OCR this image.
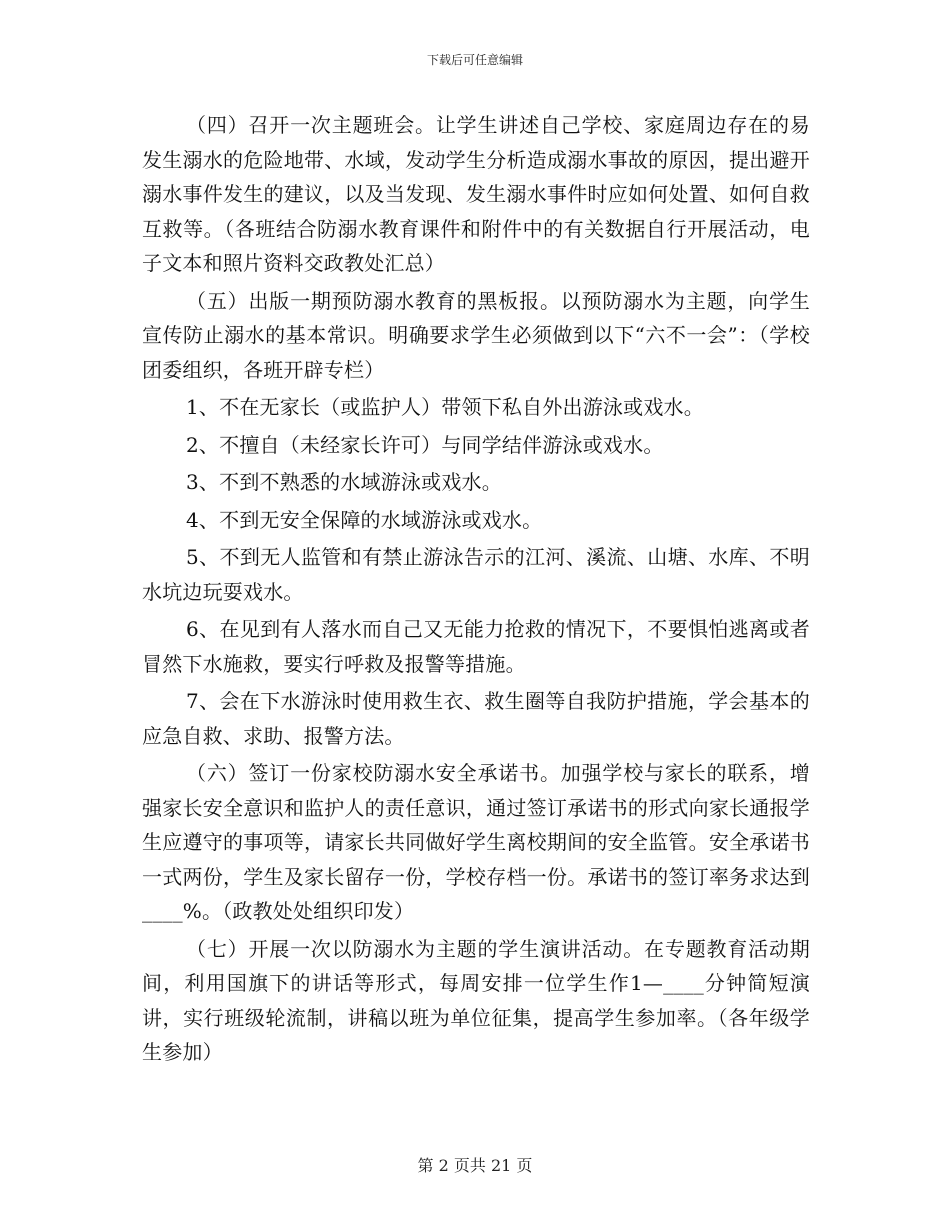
下载后可任意编辑

（四）召开一次主题班会。让学生讲述自己学校、家庭周边存在的易发生溺水的危险地带、水域，发动学生分析造成溺水事故的原因，提出避开溺水事件发生的建议，以及当发现、发生溺水事件时应如何处置、如何自救互救等。（各班结合防溺水教育课件和附件中的有关数据自行开展活动，电子文本和照片资料交政教处汇总）

（五）出版一期预防溺水教育的黑板报。以预防溺水为主题，向学生宣传防止溺水的基本常识。明确要求学生必须做到以下“六不一会”：（学校团委组织，各班开辟专栏）

1、不在无家长（或监护人）带领下私自外出游泳或戏水。

2、不擅自（未经家长许可）与同学结伴游泳或戏水。

3、不到不熟悉的水域游泳或戏水。

4、不到无安全保障的水域游泳或戏水。

5、不到无人监管和有禁止游泳告示的江河、溪流、山塘、水库、不明水坑边玩耍戏水。

6、在见到有人落水而自己又无能力抢救的情况下，不要惧怕逃离或者冒然下水施救，要实行呼救及报警等措施。

7、会在下水游泳时使用救生衣、救生圈等自我防护措施，学会基本的应急自救、求助、报警方法。

（六）签订一份家校防溺水安全承诺书。加强学校与家长的联系，增强家长安全意识和监护人的责任意识，通过签订承诺书的形式向家长通报学生应遵守的事项等，请家长共同做好学生离校期间的安全监管。安全承诺书一式两份，学生及家长留存一份，学校存档一份。承诺书的签订率务求达到____%。（政教处处组织印发）

（七）开展一次以防溺水为主题的学生演讲活动。在专题教育活动期间，利用国旗下的讲话等形式，每周安排一位学生作1—____分钟简短演讲，实行班级轮流制，讲稿以班为单位征集，提高学生参加率。（各年级学生参加）

第 2 页共 21 页
